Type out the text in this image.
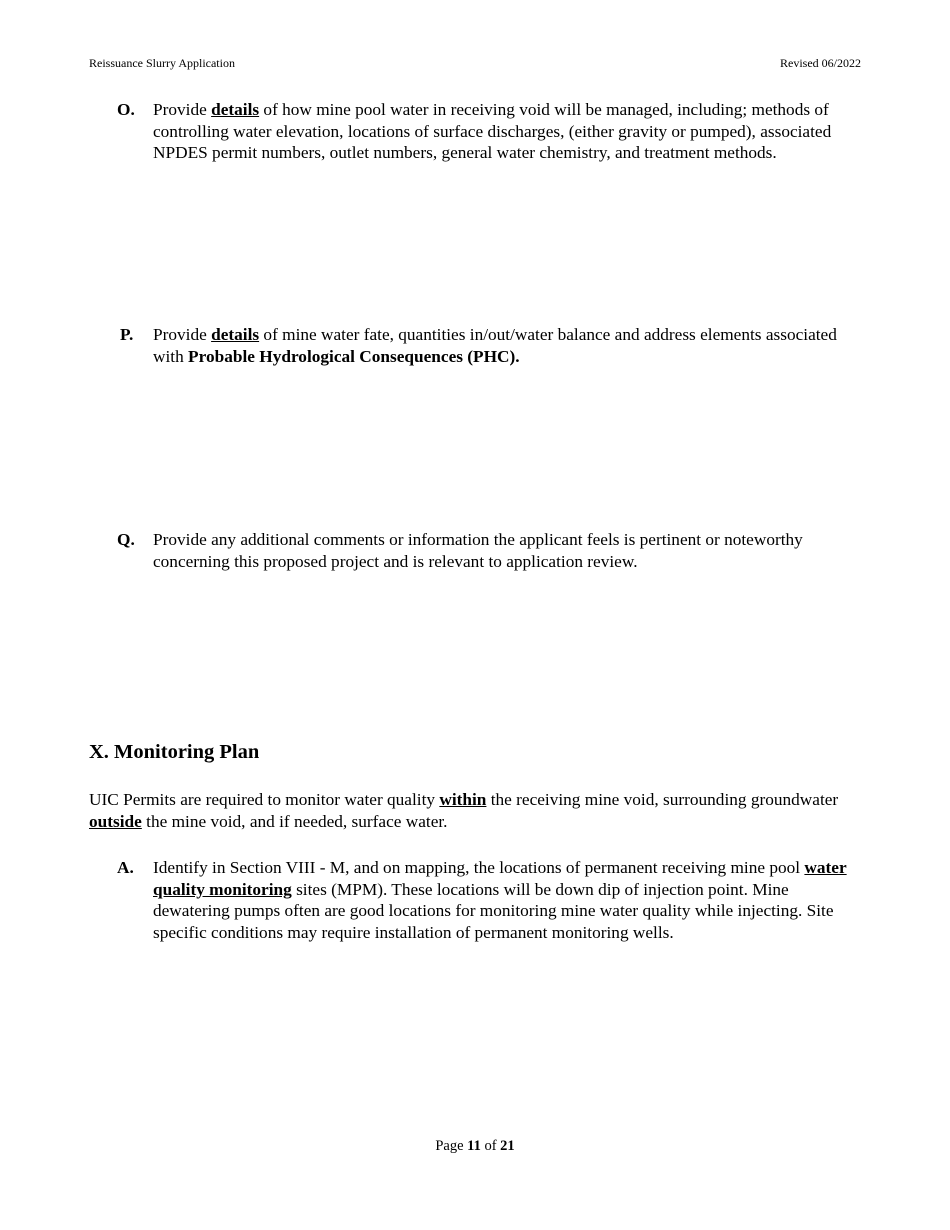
Reissuance Slurry Application	Revised 06/2022
O. Provide details of how mine pool water in receiving void will be managed, including; methods of controlling water elevation, locations of surface discharges, (either gravity or pumped), associated NPDES permit numbers, outlet numbers, general water chemistry, and treatment methods.
P. Provide details of mine water fate, quantities in/out/water balance and address elements associated with Probable Hydrological Consequences (PHC).
Q. Provide any additional comments or information the applicant feels is pertinent or noteworthy concerning this proposed project and is relevant to application review.
X. Monitoring Plan
UIC Permits are required to monitor water quality within the receiving mine void, surrounding groundwater outside the mine void, and if needed, surface water.
A. Identify in Section VIII - M, and on mapping, the locations of permanent receiving mine pool water quality monitoring sites (MPM). These locations will be down dip of injection point. Mine dewatering pumps often are good locations for monitoring mine water quality while injecting. Site specific conditions may require installation of permanent monitoring wells.
Page 11 of 21
